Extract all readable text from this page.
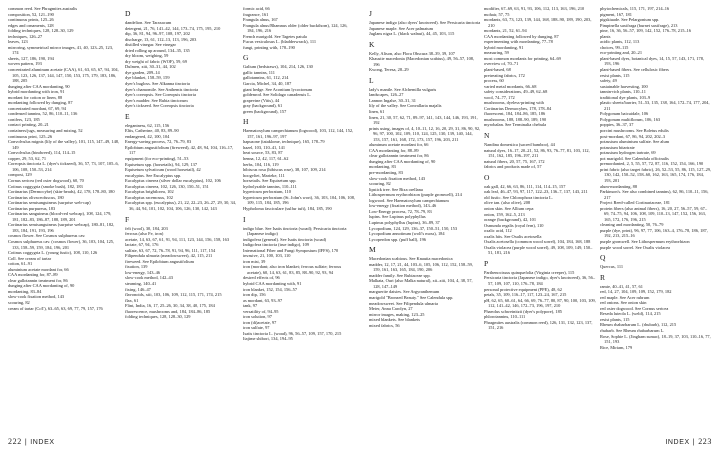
common reed. See Phragmites australis
composition, 52, 121–190
continuous prints, 125–26
edges and ornaments, 128
folding techniques, 128, 128–30, 129
techniques, 126–27
leaves, 123
mirroring, symmetrical mirror images, 41, 40, 123–25, 123, 174
sheets, 127, 186, 190, 194
woven pattern, 193
concentrated aluminum acetate (CAA), 61, 63, 65, 67, 94, 104, 105, 123, 126, 137, 144, 147, 150, 153, 175, 179, 183, 186, 188, 205
dunging after CAA mordanting, 90
hybrid mordanting with iron, 91
mordant for cotton or linen, 88
mordanting followed by dunging, 87
concentrated mordant, 67, 69, 94
condensed tannins, 52, 86, 110–11, 136
conifers, 123, 185
contact printing, 20–21
containers/jugs, measuring and mixing, 52
continuous print, 125–26
Convolvulus mignis (lily of the valley), 101, 115, 147–49, 148, 149
Convolvulus (bindweed), 114, 114–15
copper, 29, 53, 62, 71
Coreopsis tinctoria L. (dyer's tickseed), 36, 57, 73, 107, 105–6, 106, 108, 150–53, 214
compost, 129
Cornus sericea (red osier dogwood), 60, 70
Cotinus coggygria (smoke bush), 182, 183
Cortinarius (Dermocybe) (skin-heads), 42, 178, 178–80, 180
Cortinarius olivaceofuscus, 180
Cortinarius semisanguineus (surprise web-cap)
Cortinarius purpureus, 183
Cortinarius sanguineus (blood-red webcap), 108, 124, 179, 181, 182–83, 186–87, 188, 189, 201
Cortinarius semisanguineus (surprise webcap), 180–81, 182, 183, 184, 191, 193, 196
cosmos flower. See Cosmos sulphureus cav.
Cosmos sulphureus cav. (cosmos flower), 36, 103, 104, 125, 133, 158–59, 159, 184, 196, 201
Cotinus coggygria L. (young fustic), 108, 110, 126
Coll. See cream of tartar
cotton, 61–91
aluminium acetate mordant for, 66
CAA mordanting for, 87–89
clear gallotannin treatment for, 86
dunging after CAA mordanting of, 90
mordanting, 83–84
slow-cook fixation method, 143
scouring, 82
cream of tartar (CoT), 63–65, 63, 69, 77, 79, 157, 176
D
dandelion. See Taraxacum
detergent, 21, 76, 141–42, 144, 173–74, 175, 195, 210
dip, 36, 81, 94, 96–97, 108, 197, 202
discharge, 13, 61, 112–13, 113, 196, 203
distilled vinegar. See vinegar
dried rolling up around, 134–35, 135
dry bloom, weighing, 59
dry weight of fabric (WOF), 59, 69
Dulmen, xiii, 30–31, 44, 102
dye garden, 209–14
dye blanket, 158–59, 159
dyer's bugloss. See Alkanna tinctoria
dyer's chamomile. See Anthemis tinctoria
dyer's coreopsis. See Coreopsis tinctoria
dyer's madder. See Rubia tinctorum
dyer's tickseed. See Coreopsis tinctoria
E
elegantness, 62, 115, 156
Eltis, Catherine, 40, 83, 89–90
endangered, 42, 100, 104
Energy-saving process, 72, 76–79, 83
Epilobium angustifolium (fireweed), 42, 48, 94, 104, 116–17, 117
equipment (for eco-printing), 51–53
Equisetum spp. (horsetails), 94, 129, 137
Equisetum sylvaticum (wood horsetail), 42
eucalyptus. See Eucalyptus spp.
Eucalyptus cinerea (silver dollar eucalyptus), 102, 106
Eucalyptus cinerea, 102, 126, 130, 150–51, 151
Eucalyptus brightlorea, 102
Eucalyptus racemosus, 102
Eucalyptus spp. (eucalyptus), 21, 22, 22–23, 26–27, 29, 30, 34, 36, 44, 94, 101, 102, 104, 106, 126, 130, 142, 143
F
felt (wool), 30, 184, 203
ferrous (also Fe, iron)
acetate, 14, 63, 67, 61, 91, 94, 111, 123, 144, 156, 158, 163
lactate, 67, 94, 176
sulfate, 63, 67, 72, 76–78, 91, 94, 96, 111, 117, 154
Filipendula ulmaria (meadowsweet), 42, 115, 211
fireweed. See Epilobium angustifolium
fixation, 139
low-energy, 143–46
slow-cook method, 142–43
steaming, 140–41
fixing, 146–47
flavonoids, xiii, 103, 106, 109, 112, 115, 171, 174, 215
flax, 61
Flint, India, 16, 17, 25–26, 30, 34, 38, 40, 175, 184
fluorescence, mushrooms and, 184, 184–86, 185
folding techniques, 128, 128–30, 129
formic acid, 66
fragrance, 161
Frangula alnus, 167
Frangula alnus/Rhamnus older (older buckthorn), 124, 126, 184, 196, 216
French marigold. See Tagetes patula
Fucus vesiculosus L. (bladderwrack), 111
fungi, printing with, 178–190
G
Galium (bedstraws), 104, 214, 126, 130
gallic tannins, 111
gallotannins, 61, 112, 214
Garcia, Michel, 34, 40, 187
giant hedge. See Aconitum lycoctonum
goldenrod. See Solidago canadensis L.
grapevine (Vitis), 44
gray (background), 61
green (background), 157
H
Haematoxylum campechianum (logwood), 103, 112, 144, 152, 157, 161, 196–97, 197
hapuzone (tataklome, technique), 165, 178–79
hazel, 103, 110–41, 141
heat source, 53, 83, 87
henna, 12, 42, 117, 61–62
herbs, 104, 116, 119
hibiscus rosa (hibiscus rose), 38, 107, 109, 214
hoogvliet, Marieke, 111
horsetails. See Equisetum spp.
hydrolyzable tannins, 110–111
hypericum perforatum, 110
hypericum perforatum (St. John's wort), 36, 103, 104, 106, 108, 109, 115, 184, 185, 196
Hypholoma fasciculare (sulfur tuft), 184, 185, 190
I
indigo blue. See Isatis tinctoria (woad); Persicaria tinctoria (Japanese indigo)
indigofera (general). See Isatis tinctoria (woad)
Indigofera tinctoria (true indigo), 109
International Fiber and Fungi Symposium (IFFS), 170
invasive, 21, 100, 103, 110
iron mist, 39
iron (mordant; also iron blanket; ferrous sulfate; ferrous acetate), 60, 14, 63, 61, 83, 85, 88–90, 92, 93, 94
desired effects of, 96
hybrid CAA mordanting with, 91
iron blanket, 152, 154, 156–57
iron dip, 156
as mordant, 63, 93–97
tank, 97
versatility of, 94–95
iron solution, 97
iron (di)acetate, 97
iron sulfate, 97
Isatis tinctoria L. (woad), 96, 56–57, 109, 157, 170, 215
Itajime shibori, 134, 194–95
J
Japanese indigo (also dyers' knotweed). See Persicaria tinctoria
Japanese maple. See Acer palmatum
Juglans nigra L. (black walnut), 44, 45, 103, 115
K
Kelly, Alison, also Flora Obscura 38–39, 39, 107
Khaustie macedonia (Macedonian scabius), 49, 56–57, 108, 196
Kwong, Teresa, 28–29
L
lady's mantle. See Alchemilla vulgaris
landscapes, 126–27
Lannon Ingalse, 30–31, 31
lily of the valley. See Convallaria majalis
linen, 61
linen, 21, 30, 57, 62, 71, 89–97, 141, 143, 144, 146, 193, 191, 192
prints using, images of, 4, 10–11, 12, 16, 20, 29, 31, 86, 90, 92, 96, 97, 100, 102, 109, 110, 124, 125, 130, 139, 140, 144, 153, 157, 161, 168, 172, 173, 157, 196, 203, 211
aluminum acetate mordant for, 66
CAA mordanting for, 88–89
clear gallotannin treatment for, 86
dunging after CAA mordanting of, 90
mordanting, 83
pre-mordanting, 83
slow-cook fixation method, 143
scouring, 82
lipstick tree. See Bixa orellana
Lithospermum erythrorhizon (purple gromwell), 214
logwood. See Haematoxylum campechianum
low-energy (fixation method), 143–46
Low-Energy process, 72, 78–79, 83
lupins. See Lupinus polyphyllus
Lupinus polyphyllus (lupins), 36–89, 37
Lycopodium, 124, 129, 136–37, 150–51, 150, 153
Lycopodium annotinum (wolf's moss), 184
Lycoperdon spp. (puff ball), 196
M
Macedonian scabious. See Knautia macedonica
madder, 12, 17, 21, 44, 103–6, 105, 106, 112, 152, 158–59, 159, 161, 163, 165, 184, 190, 206
madder family. See Rubiaceae spp.
Malkata, Ouri (also Malka natural), xii–xiii, 104, 4, 38, 57, 128, 147–149
marguerite daisies. See Argyranthemum
marigold "Bronzed Beauty." See Calendula spp.
meadowsweet. See Filipendula ulmaria
Meier, Anna Carolyn, 27
mirror images, making, 123–25
mixed blankets. See blankets
mixed fabrics, 56
modifier, 67–69, 63, 91, 93, 106, 112, 113, 163, 196, 210
mohair, 57, 75
mordants, 63, 73, 123, 139, 144, 168, 188–90, 189, 190, 203, 210
mordants, 21, 52, 61–94
CAA mordanting followed by dunging, 87
experimenting with mordanting, 77–78
hybrid mordanting, 91
measuring, 59
most common mordants for printing, 64–69
overview of, 70–71
plant-based, 68
pretreating fabrics, 172
process, 60
varied metal mordants, 66–68
safety considerations, 49–49, 62–68
wool, 74–77, 172
mushrooms, dyeless-printing with
Cortinarius Dermocybes, 178, 178–84
fluorescent, 184, 184–86, 185, 186
mushrooms, 188, 188–90, 189, 190
myrobalan. See Terminalia chebula
N
Nandina domestica (sacred bamboo), 44
natural dyes, 16–17, 20–21, 52, 86, 93, 76–77, 81, 103, 112, 151, 162, 185, 196–197, 211
natural fibers, 20, 57, 75, 167, 172
fabrics and products made of, 57
O
oak gall, 42, 66, 63, 86, 111, 114, 114–15, 157
oak leaf, 46–47, 93, 97, 117, 122–23, 136–7, 137, 143, 211
old fustic. See Chlorophora tinctoria L.
olive tan. (also olive), 208
onion skin. See Allium cepa
onion, 159, 162–5, 213
orange (background), 42, 101
Osmunda regalis (royal fern), 110
oxalic acid, 112
oxalis hits. See Oxalis acetosella
Oxalis acetosella (common wood sorrel), 104, 184, 168, 188
Oxalis violacea (purple wood sorrel), 49, 108, 109, 149, 150–51, 181, 216
P
Parthenocissus quinquefolia (Virginia creeper), 115
Persicaria tinctoria (Japanese indigo, dyer's knotweed), 36, 56–57, 109, 107, 110, 176–78, 184
personal protective equipment (PPE), 48, 62
petals, 35, 109, 116–17, 117, 123–24, 167, 215
pH, 62, 65, 60–61, 64, 66, 69, 76–77, 80, 87, 90, 100, 103, 109, 112, 141–42, 146, 172–73, 196, 197, 210
Phaeolus schweinitzii (dyer's polypore), 185
phlorotannins, 110–111
Phragmites australis (common reed), 126, 131, 132, 123, 137, 151, 216
phytochemicals, 115, 171, 197, 214–16
pigment, 167, 181
pigskiuade. See Pelargonium spp.
Pimpinella saxifraga (burnet saxifrage), 213
pine, 16, 36, 56–57, 109, 142, 152, 176–78, 215–16
plants
acidic plants, 112, 113
choices, 99–115
eco-printing and, 20–21
plant-based dyes, botanical dyes, 14, 15, 57, 143, 171, 178, 193, 196
plant-based fibers. See cellulosic fibers
resist plants, 115
safety, 49
sustainable harvesting, 100
tannin-rich plants, 110–11
traditional dye plants, 103–9
plastic sheets/barrier, 51–53, 135, 138, 164, 172–74, 177, 204, 211
Polygonum baicuidale, 106
Polygonum multiflorum, 106, 163
poppies, 36–37, 37
porcini mushrooms. See Boletus edulis
post-mordant, 67, 86, 94, 202, 202–3
potassium aluminium sulfate. See alum
potassium bitartrate
potassium hydrogen tartrate, 69
pot marigold. See Calendula officinalis
premordanted, 2, 5, 55, 57, 72, 87, 116, 152, 154, 166, 190
print fabric (also target fabric), 26, 52–53, 55, 86, 115, 127–29, 130, 142, 150–52, 158–60, 162, 163, 165, 174, 176, 184, 193, 201
alum-mordanting, 88
Parkinson's. See also combined tannins), 62, 86, 110–11, 156, 217
Project Reed-called Cortinariaceae, 181
protein fibers (also animal fibers), 16, 20, 27, 56–57, 59, 67–69, 74–75, 94, 106, 108, 109, 110–13, 147, 152, 156, 163, 165, 172, 176, 196, 215
cleaning and mordanting, 50, 76–79
purple (dye, print), 96, 97, 77, 106, 163–4, 176–78, 186, 187, 192, 213, 215–16
purple gromwell. See Lithospermum erythrorhizon
purple wood sorrel. See Oxalis violacea
Q
Quercus, 111
R
ramie, 40–41, 41, 57, 61
red, 14, 27, 104, 109, 109, 152, 179, 182
red maple. See Acer rubrum
red onions. See onion skin
red osier dogwood. See Cornus sericea
Reseda luteola L. (weld), 114, 215
resist plants, 115
Rheum rhabarbarum L. (rhubarb), 112, 215
rhubarb. See Rheum rhabarbarum L.
Rose, Sophie L. (Jingham sumac), 18–19, 37, 103, 110–16, 77, 151, 193
Rice, Miriam, 179
222 | INDEX	INDEX | 223
